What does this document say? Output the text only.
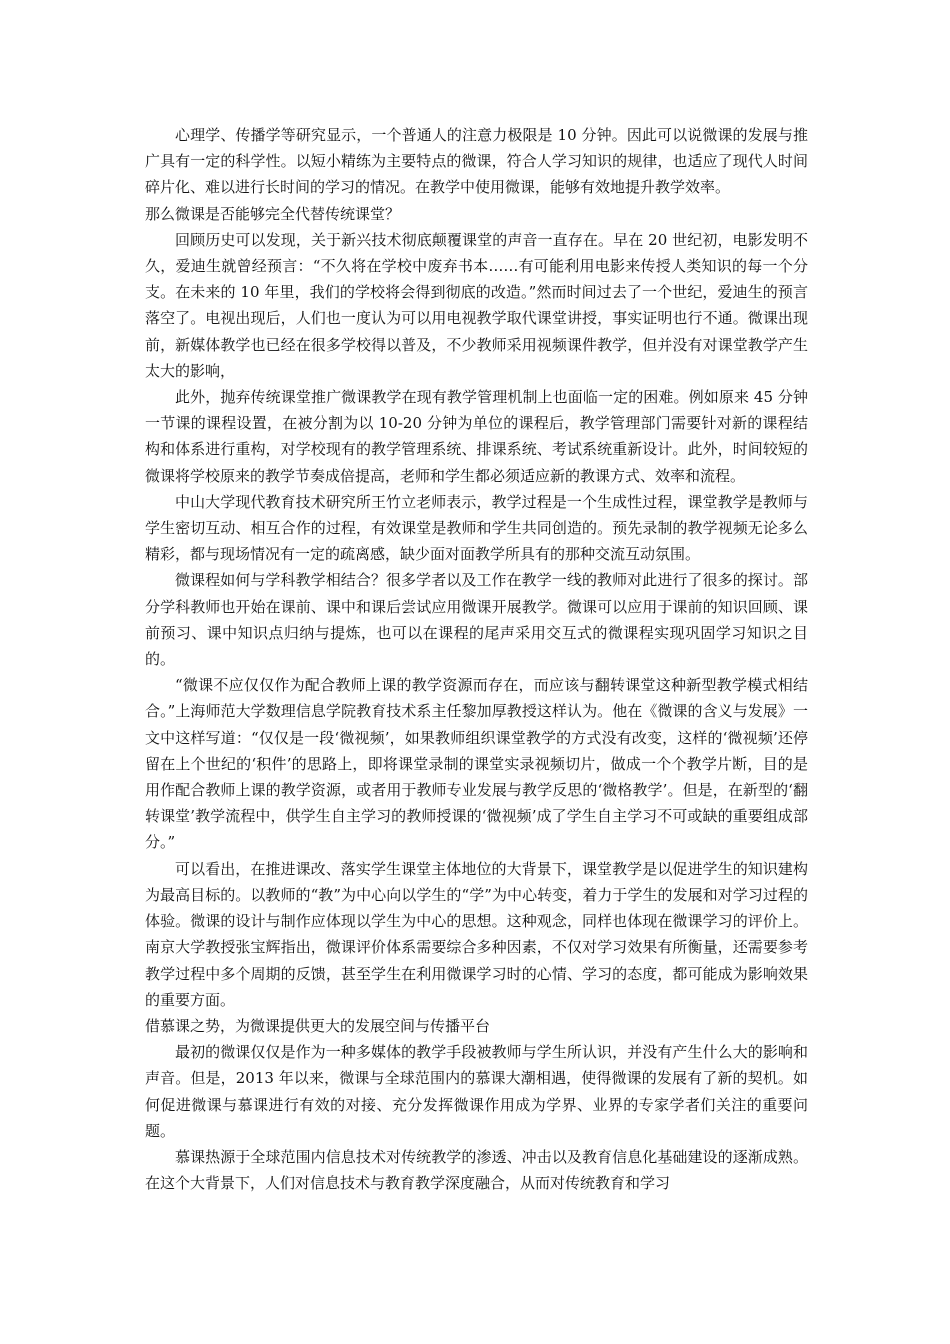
心理学、传播学等研究显示，一个普通人的注意力极限是 10 分钟。因此可以说微课的发展与推广具有一定的科学性。以短小精练为主要特点的微课，符合人学习知识的规律，也适应了现代人时间碎片化、难以进行长时间的学习的情况。在教学中使用微课，能够有效地提升教学效率。

那么微课是否能够完全代替传统课堂？

回顾历史可以发现，关于新兴技术彻底颠覆课堂的声音一直存在。早在 20 世纪初，电影发明不久，爱迪生就曾经预言：“不久将在学校中废弃书本……有可能利用电影来传授人类知识的每一个分支。在未来的 10 年里，我们的学校将会得到彻底的改造。”然而时间过去了一个世纪，爱迪生的预言落空了。电视出现后，人们也一度认为可以用电视教学取代课堂讲授，事实证明也行不通。微课出现前，新媒体教学也已经在很多学校得以普及，不少教师采用视频课件教学，但并没有对课堂教学产生太大的影响，

此外，抛弃传统课堂推广微课教学在现有教学管理机制上也面临一定的困难。例如原来 45 分钟一节课的课程设置，在被分割为以 10-20 分钟为单位的课程后，教学管理部门需要针对新的课程结构和体系进行重构，对学校现有的教学管理系统、排课系统、考试系统重新设计。此外，时间较短的微课将学校原来的教学节奏成倍提高，老师和学生都必须适应新的教课方式、效率和流程。

中山大学现代教育技术研究所王竹立老师表示，教学过程是一个生成性过程，课堂教学是教师与学生密切互动、相互合作的过程，有效课堂是教师和学生共同创造的。预先录制的教学视频无论多么精彩，都与现场情况有一定的疏离感，缺少面对面教学所具有的那种交流互动氛围。

微课程如何与学科教学相结合？很多学者以及工作在教学一线的教师对此进行了很多的探讨。部分学科教师也开始在课前、课中和课后尝试应用微课开展教学。微课可以应用于课前的知识回顾、课前预习、课中知识点归纳与提炼，也可以在课程的尾声采用交互式的微课程实现巩固学习知识之目的。

“微课不应仅仅作为配合教师上课的教学资源而存在，而应该与翻转课堂这种新型教学模式相结合。”上海师范大学数理信息学院教育技术系主任黎加厚教授这样认为。他在《微课的含义与发展》一文中这样写道：“仅仅是一段‘微视频’，如果教师组织课堂教学的方式没有改变，这样的‘微视频’还停留在上个世纪的‘积件’的思路上，即将课堂录制的课堂实录视频切片，做成一个个教学片断，目的是用作配合教师上课的教学资源，或者用于教师专业发展与教学反思的‘微格教学’。但是，在新型的‘翻转课堂’教学流程中，供学生自主学习的教师授课的‘微视频’成了学生自主学习不可或缺的重要组成部分。”

可以看出，在推进课改、落实学生课堂主体地位的大背景下，课堂教学是以促进学生的知识建构为最高目标的。以教师的“教”为中心向以学生的“学”为中心转变，着力于学生的发展和对学习过程的体验。微课的设计与制作应体现以学生为中心的思想。这种观念，同样也体现在微课学习的评价上。南京大学教授张宝辉指出，微课评价体系需要综合多种因素，不仅对学习效果有所衡量，还需要参考教学过程中多个周期的反馈，甚至学生在利用微课学习时的心情、学习的态度，都可能成为影响效果的重要方面。

借慕课之势，为微课提供更大的发展空间与传播平台

最初的微课仅仅是作为一种多媒体的教学手段被教师与学生所认识，并没有产生什么大的影响和声音。但是，2013 年以来，微课与全球范围内的慕课大潮相遇，使得微课的发展有了新的契机。如何促进微课与慕课进行有效的对接、充分发挥微课作用成为学界、业界的专家学者们关注的重要问题。

慕课热源于全球范围内信息技术对传统教学的渗透、冲击以及教育信息化基础建设的逐渐成熟。在这个大背景下，人们对信息技术与教育教学深度融合，从而对传统教育和学习
